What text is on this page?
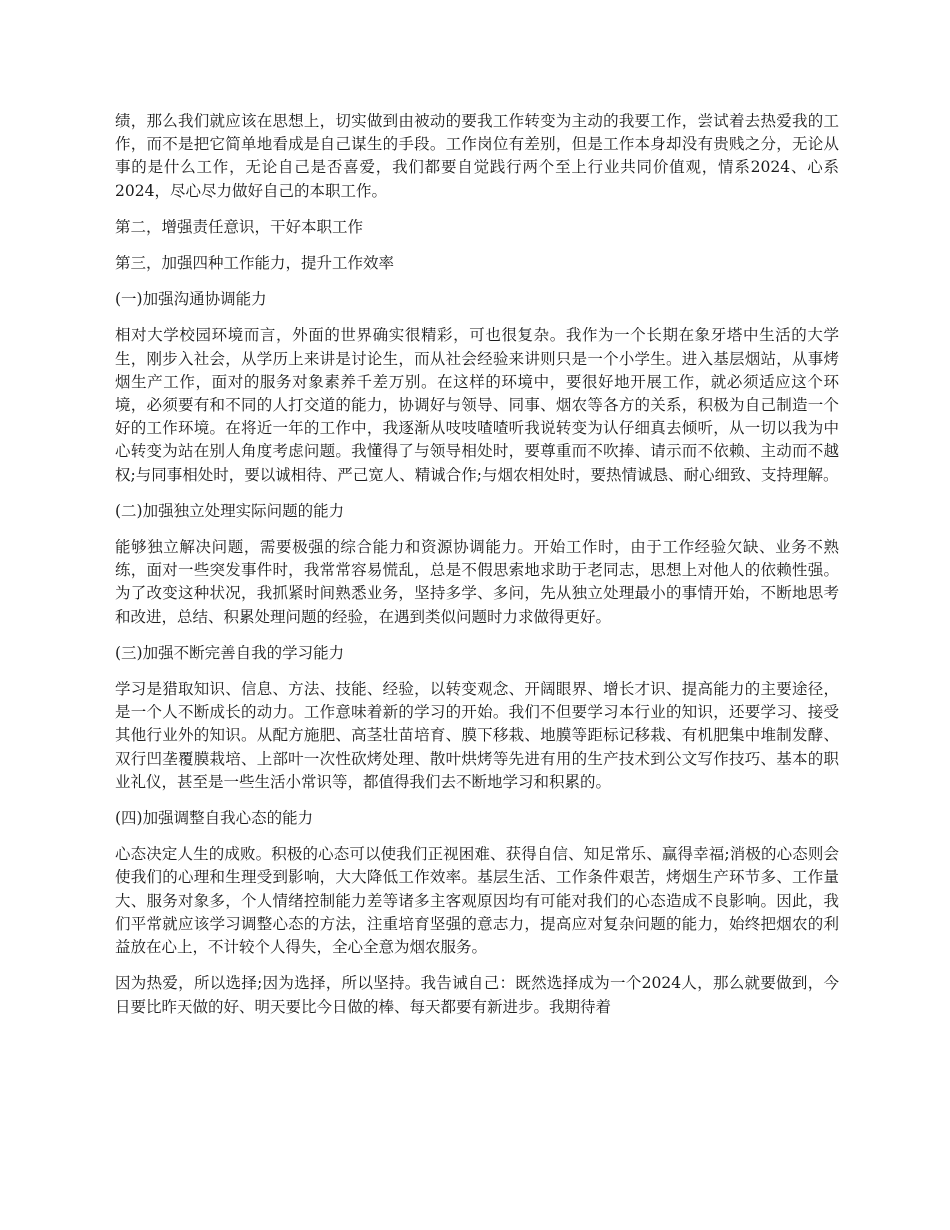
绩，那么我们就应该在思想上，切实做到由被动的要我工作转变为主动的我要工作，尝试着去热爱我的工作，而不是把它简单地看成是自己谋生的手段。工作岗位有差别，但是工作本身却没有贵贱之分，无论从事的是什么工作，无论自己是否喜爱，我们都要自觉践行两个至上行业共同价值观，情系2024、心系2024，尽心尽力做好自己的本职工作。

第二，增强责任意识，干好本职工作

第三，加强四种工作能力，提升工作效率

(一)加强沟通协调能力

相对大学校园环境而言，外面的世界确实很精彩，可也很复杂。我作为一个长期在象牙塔中生活的大学生，刚步入社会，从学历上来讲是讨论生，而从社会经验来讲则只是一个小学生。进入基层烟站，从事烤烟生产工作，面对的服务对象素养千差万别。在这样的环境中，要很好地开展工作，就必须适应这个环境，必须要有和不同的人打交道的能力，协调好与领导、同事、烟农等各方的关系，积极为自己制造一个好的工作环境。在将近一年的工作中，我逐渐从吱吱喳喳听我说转变为认仔细真去倾听，从一切以我为中心转变为站在别人角度考虑问题。我懂得了与领导相处时，要尊重而不吹捧、请示而不依赖、主动而不越权;与同事相处时，要以诚相待、严己宽人、精诚合作;与烟农相处时，要热情诚恳、耐心细致、支持理解。

(二)加强独立处理实际问题的能力

能够独立解决问题，需要极强的综合能力和资源协调能力。开始工作时，由于工作经验欠缺、业务不熟练，面对一些突发事件时，我常常容易慌乱，总是不假思索地求助于老同志，思想上对他人的依赖性强。为了改变这种状况，我抓紧时间熟悉业务，坚持多学、多问，先从独立处理最小的事情开始，不断地思考和改进，总结、积累处理问题的经验，在遇到类似问题时力求做得更好。

(三)加强不断完善自我的学习能力

学习是猎取知识、信息、方法、技能、经验，以转变观念、开阔眼界、增长才识、提高能力的主要途径，是一个人不断成长的动力。工作意味着新的学习的开始。我们不但要学习本行业的知识，还要学习、接受其他行业外的知识。从配方施肥、高茎壮苗培育、膜下移栽、地膜等距标记移栽、有机肥集中堆制发酵、双行凹垄覆膜栽培、上部叶一次性砍烤处理、散叶烘烤等先进有用的生产技术到公文写作技巧、基本的职业礼仪，甚至是一些生活小常识等，都值得我们去不断地学习和积累的。

(四)加强调整自我心态的能力

心态决定人生的成败。积极的心态可以使我们正视困难、获得自信、知足常乐、赢得幸福;消极的心态则会使我们的心理和生理受到影响，大大降低工作效率。基层生活、工作条件艰苦，烤烟生产环节多、工作量大、服务对象多，个人情绪控制能力差等诸多主客观原因均有可能对我们的心态造成不良影响。因此，我们平常就应该学习调整心态的方法，注重培育坚强的意志力，提高应对复杂问题的能力，始终把烟农的利益放在心上，不计较个人得失，全心全意为烟农服务。

因为热爱，所以选择;因为选择，所以坚持。我告诫自己：既然选择成为一个2024人，那么就要做到，今日要比昨天做的好、明天要比今日做的棒、每天都要有新进步。我期待着
